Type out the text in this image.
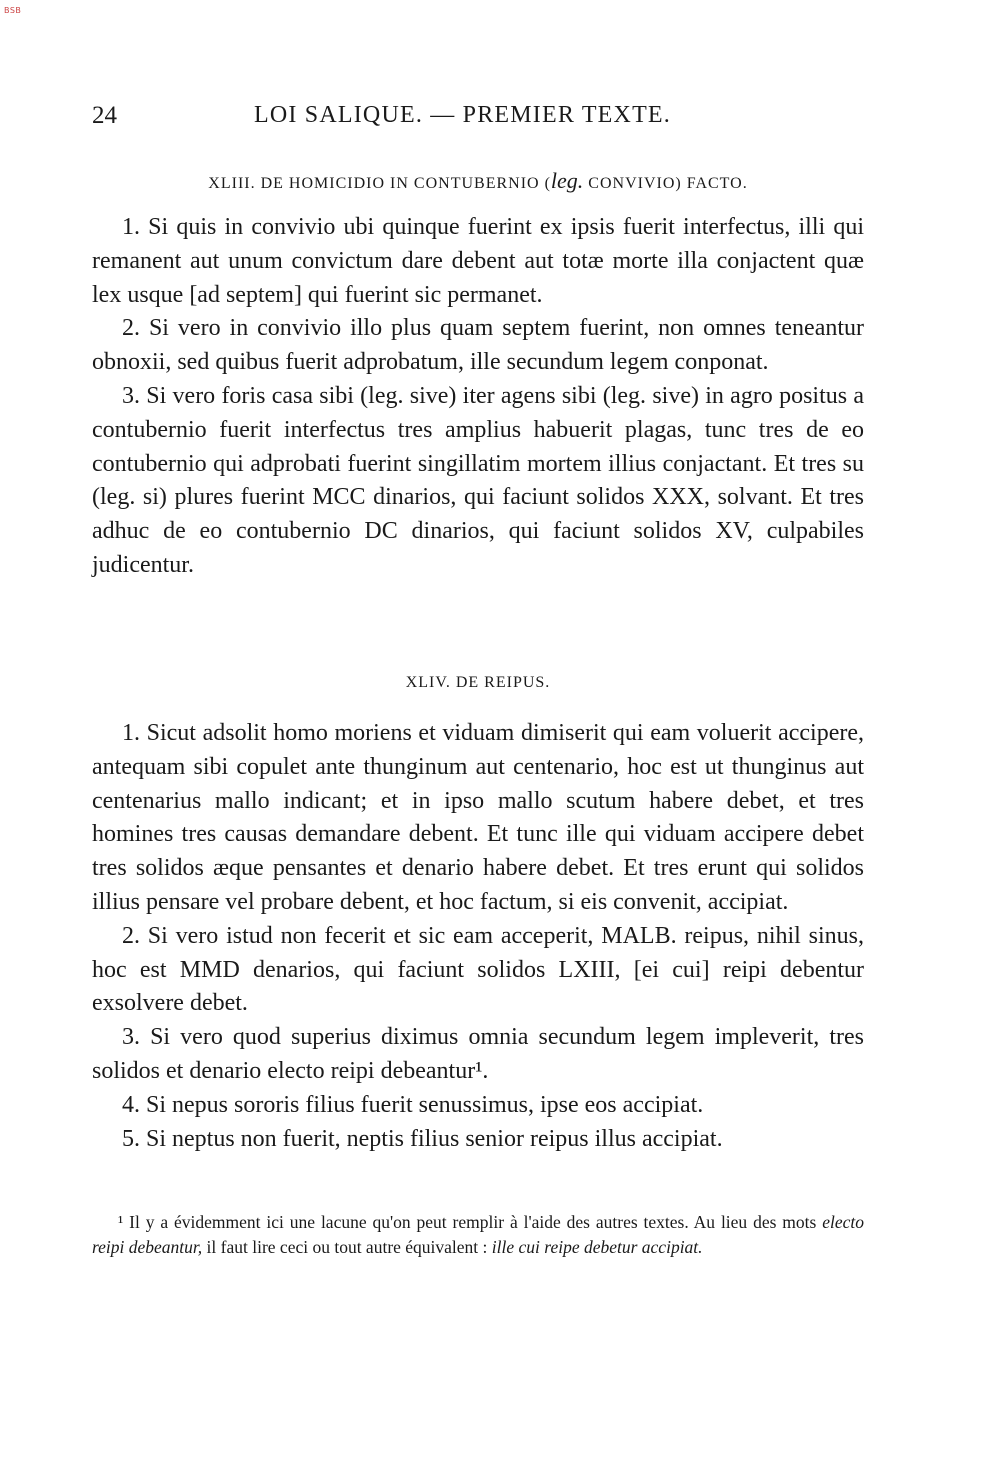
BSB
24	LOI SALIQUE. — PREMIER TEXTE.
XLIII. DE HOMICIDIO IN CONTUBERNIO (leg. CONVIVIO) FACTO.

1. Si quis in convivio ubi quinque fuerint ex ipsis fuerit interfectus, illi qui remanent aut unum convictum dare debent aut totæ morte illa conjactent quæ lex usque [ad septem] qui fuerint sic permanet.

2. Si vero in convivio illo plus quam septem fuerint, non omnes teneantur obnoxii, sed quibus fuerit adprobatum, ille secundum legem conponat.

3. Si vero foris casa sibi (leg. sive) iter agens sibi (leg. sive) in agro positus a contubernio fuerit interfectus tres amplius habuerit plagas, tunc tres de eo contubernio qui adprobati fuerint singillatim mortem illius conjactant. Et tres su (leg. si) plures fuerint MCC dinarios, qui faciunt solidos XXX, solvant. Et tres adhuc de eo contubernio DC dinarios, qui faciunt solidos XV, culpabiles judicentur.

XLIV. DE REIPUS.

1. Sicut adsolit homo moriens et viduam dimiserit qui eam voluerit accipere, antequam sibi copulet ante thunginum aut centenario, hoc est ut thunginus aut centenarius mallo indicant; et in ipso mallo scutum habere debet, et tres homines tres causas demandare debent. Et tunc ille qui viduam accipere debet tres solidos æque pensantes et denario habere debet. Et tres erunt qui solidos illius pensare vel probare debent, et hoc factum, si eis convenit, accipiat.

2. Si vero istud non fecerit et sic eam acceperit, MALB. reipus, nihil sinus, hoc est MMD denarios, qui faciunt solidos LXIII, [ei cui] reipi debentur exsolvere debet.

3. Si vero quod superius diximus omnia secundum legem impleverit, tres solidos et denario electo reipi debeantur¹.

4. Si nepus sororis filius fuerit senussimus, ipse eos accipiat.

5. Si neptus non fuerit, neptis filius senior reipus illus accipiat.

¹ Il y a évidemment ici une lacune qu'on peut remplir à l'aide des autres textes. Au lieu des mots electo reipi debeantur, il faut lire ceci ou tout autre équivalent : ille cui reipe debetur accipiat.
